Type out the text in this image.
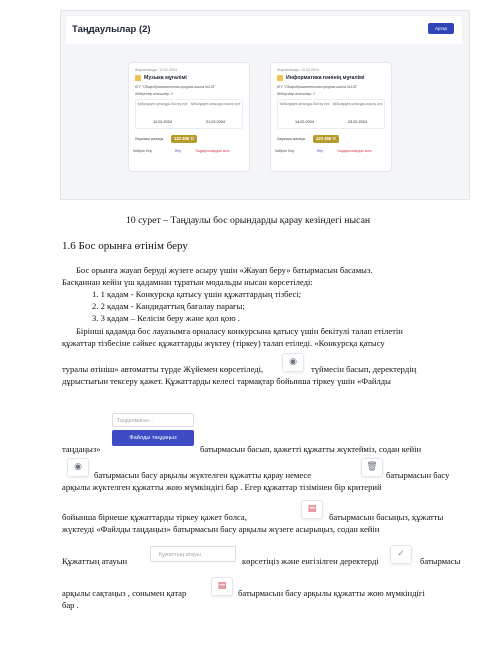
Таңдаулылар (2)	Артқа
Жарияланды: 12.02.2024
Музыка мұғалімі
КГУ "Общеобразовательная средняя школа №132"
Жібергілер өтінішілер: 2
Қабылдауға қатысуды бастау күні	Қабылдауға қатысуды аяқтау күні
12.02.2024	21.02.2024
Лауазым жалақы	123 456 тг
Көбірек білу	Өту	Таңдаулылардан жою
Жарияланды: 12.02.2024
Информатика пәнінің мұғалімі
КГУ "Общеобразовательная средняя школа №132"
Жібергілер өтінішілер: 2
Қабылдауға қатысуды бастау күні	Қабылдауға қатысуды аяқтау күні
14.02.2024	23.02.2024
Лауазым жалақы	123 456 тг
Көбірек білу	Өту	Таңдаулылардан жою
10 сурет – Таңдаулы бос орындарды қарау кезіндегі нысан
1.6 Бос орынға өтінім беру
Бос орынға жауап беруді жүзеге асыру үшін «Жауап беру» батырмасын басамыз.
Басқаннан кейін үш қадамнан тұратын модальды нысан көрсетіледі:
1. 1 қадам - Конкурсқа қатысу үшін құжаттардың тізбесі;
2. 2 қадам - Кандидаттың бағалау парағы;
3. 3 қадам – Келісім беру және қол қою .
Бірінші қадамда бос лауазымға орналасу конкурсына қатысу үшін бекітулі талап етілетін
құжаттар тізбесіне сәйкес құжаттарды жүктеу (тіркеу) талап етіледі. «Конкурсқа қатысу
туралы өтініш» автоматты түрде Жүйемен көрсетіледі,
◉
түймесін басып, деректердің
дұрыстығын тексеру қажет. Құжаттарды келесі тармақтар бойынша тіркеу үшін «Файлды
Таңдалмаған...
Файлды таңдаңыз
таңдаңыз»	батырмасын басып, қажетті құжатты жүктейміз, содан кейін
◉
батырмасын басу арқылы жүктелген құжатты қарау немесе
🗑
батырмасын басу
арқылы жүктелген құжатты жою мүмкіндігі бар . Егер құжаттар тізімінен бір критерий
бойынша бірнеше құжаттарды тіркеу қажет болса,
▤
батырмасын басыңыз, құжатты
жүктеуді «Файлды таңдаңыз» батырмасын басу арқылы жүзеге асырыңыз, содан кейін
Құжаттың атауын
Құжаттың атауы
көрсетіңіз және енгізілген деректерді
✓
батырмасы
арқылы сақтаңыз , сонымен қатар
▤
батырмасын басу арқылы құжатты жою мүмкіндігі
бар .
